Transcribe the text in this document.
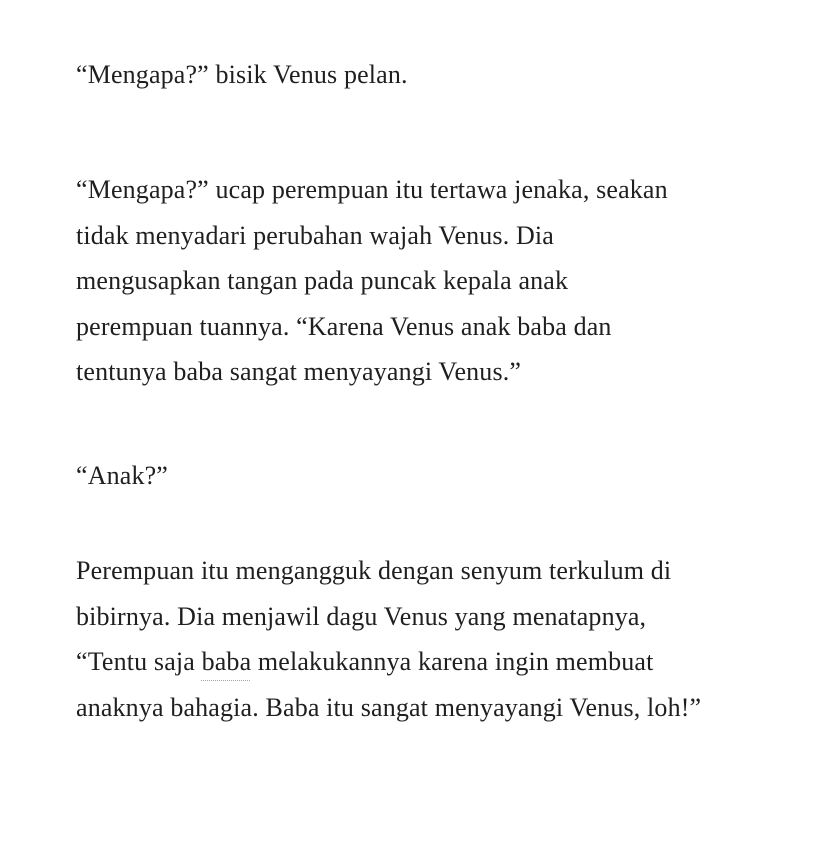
“Mengapa?” bisik Venus pelan.

“Mengapa?” ucap perempuan itu tertawa jenaka, seakan
tidak menyadari perubahan wajah Venus. Dia
mengusapkan tangan pada puncak kepala anak
perempuan tuannya. “Karena Venus anak baba dan
tentunya baba sangat menyayangi Venus.”

“Anak?”

Perempuan itu mengangguk dengan senyum terkulum di
bibirnya. Dia menjawil dagu Venus yang menatapnya,
“Tentu saja baba melakukannya karena ingin membuat
anaknya bahagia. Baba itu sangat menyayangi Venus, loh!”
